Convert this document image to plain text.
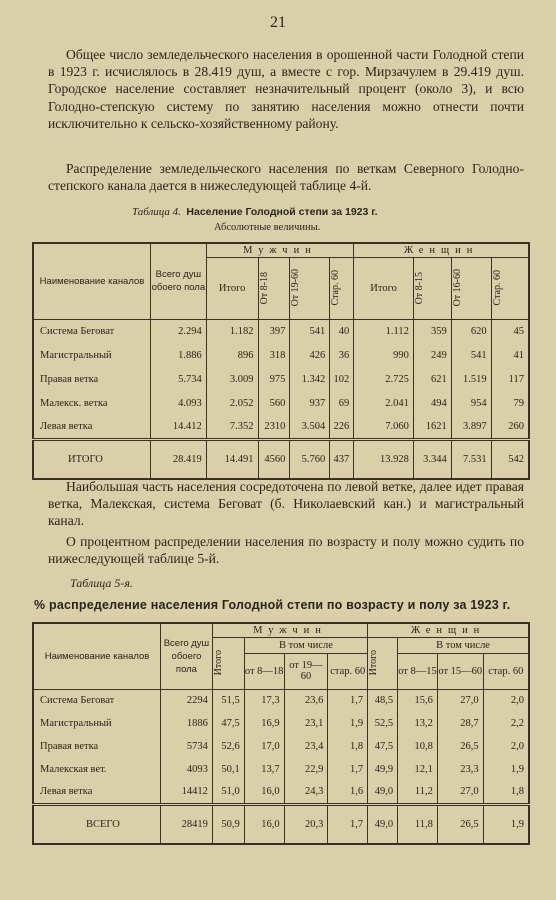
21

Общее число земледельческого населения в орошенной части Голодной степи в 1923 г. исчислялось в 28.419 душ, а вместе с гор. Мирзачулем в 29.419 душ. Городское население составляет незначительный процент (около 3), и всю Голодно-степскую систему по занятию населения можно отнести почти исключительно к сельско-хозяйственному району.

Распределение земледельческого населения по веткам Северного Голодно-степского канала дается в нижеследующей таблице 4-й.

Таблица 4. Население Голодной степи за 1923 г.
Абсолютные величины.
Наименование каналов	Всего душ обоего пола	Мужчин				Женщин			
		Итого	От 8-18	От 19-60	Стар. 60	Итого	От 8-15	От 16-60	Стар. 60

Система Беговат	2.294	1.182	397	541	40	1.112	359	620	45
Магистральный	1.886	896	318	426	36	990	249	541	41
Правая ветка	5.734	3.009	975	1.342	102	2.725	621	1.519	117
Малекск. ветка	4.093	2.052	560	937	69	2.041	494	954	79
Левая ветка	14.412	7.352	2310	3.504	226	7.060	1621	3.897	260
ИТОГО	28.419	14.491	4560	5.760	437	13.928	3.344	7.531	542

Наибольшая часть населения сосредоточена по левой ветке, далее идет правая ветка, Малекская, система Беговат (б. Николаевский кан.) и магистральный канал.

О процентном распределении населения по возрасту и полу можно судить по нижеследующей таблице 5-й.

Таблица 5-я.
% распределение населения Голодной степи по возрасту и полу за 1923 г.
Наименование каналов	Всего душ обоего пола	Мужчин				Женщин			

		Итого	В том числе			Итого	В том числе		
			от 8—18	от 19—60	стар. 60		от 8—15	от 15—60	стар. 60
Система Беговат	2294	51,5	17,3	23,6	1,7	48,5	15,6	27,0	2,0
Магистральный	1886	47,5	16,9	23,1	1,9	52,5	13,2	28,7	2,2
Правая ветка	5734	52,6	17,0	23,4	1,8	47,5	10,8	26,5	2,0
Малекская вет.	4093	50,1	13,7	22,9	1,7	49,9	12,1	23,3	1,9
Левая ветка	14412	51,0	16,0	24,3	1,6	49,0	11,2	27,0	1,8
ВСЕГО	28419	50,9	16,0	20,3	1,7	49,0	11,8	26,5	1,9
